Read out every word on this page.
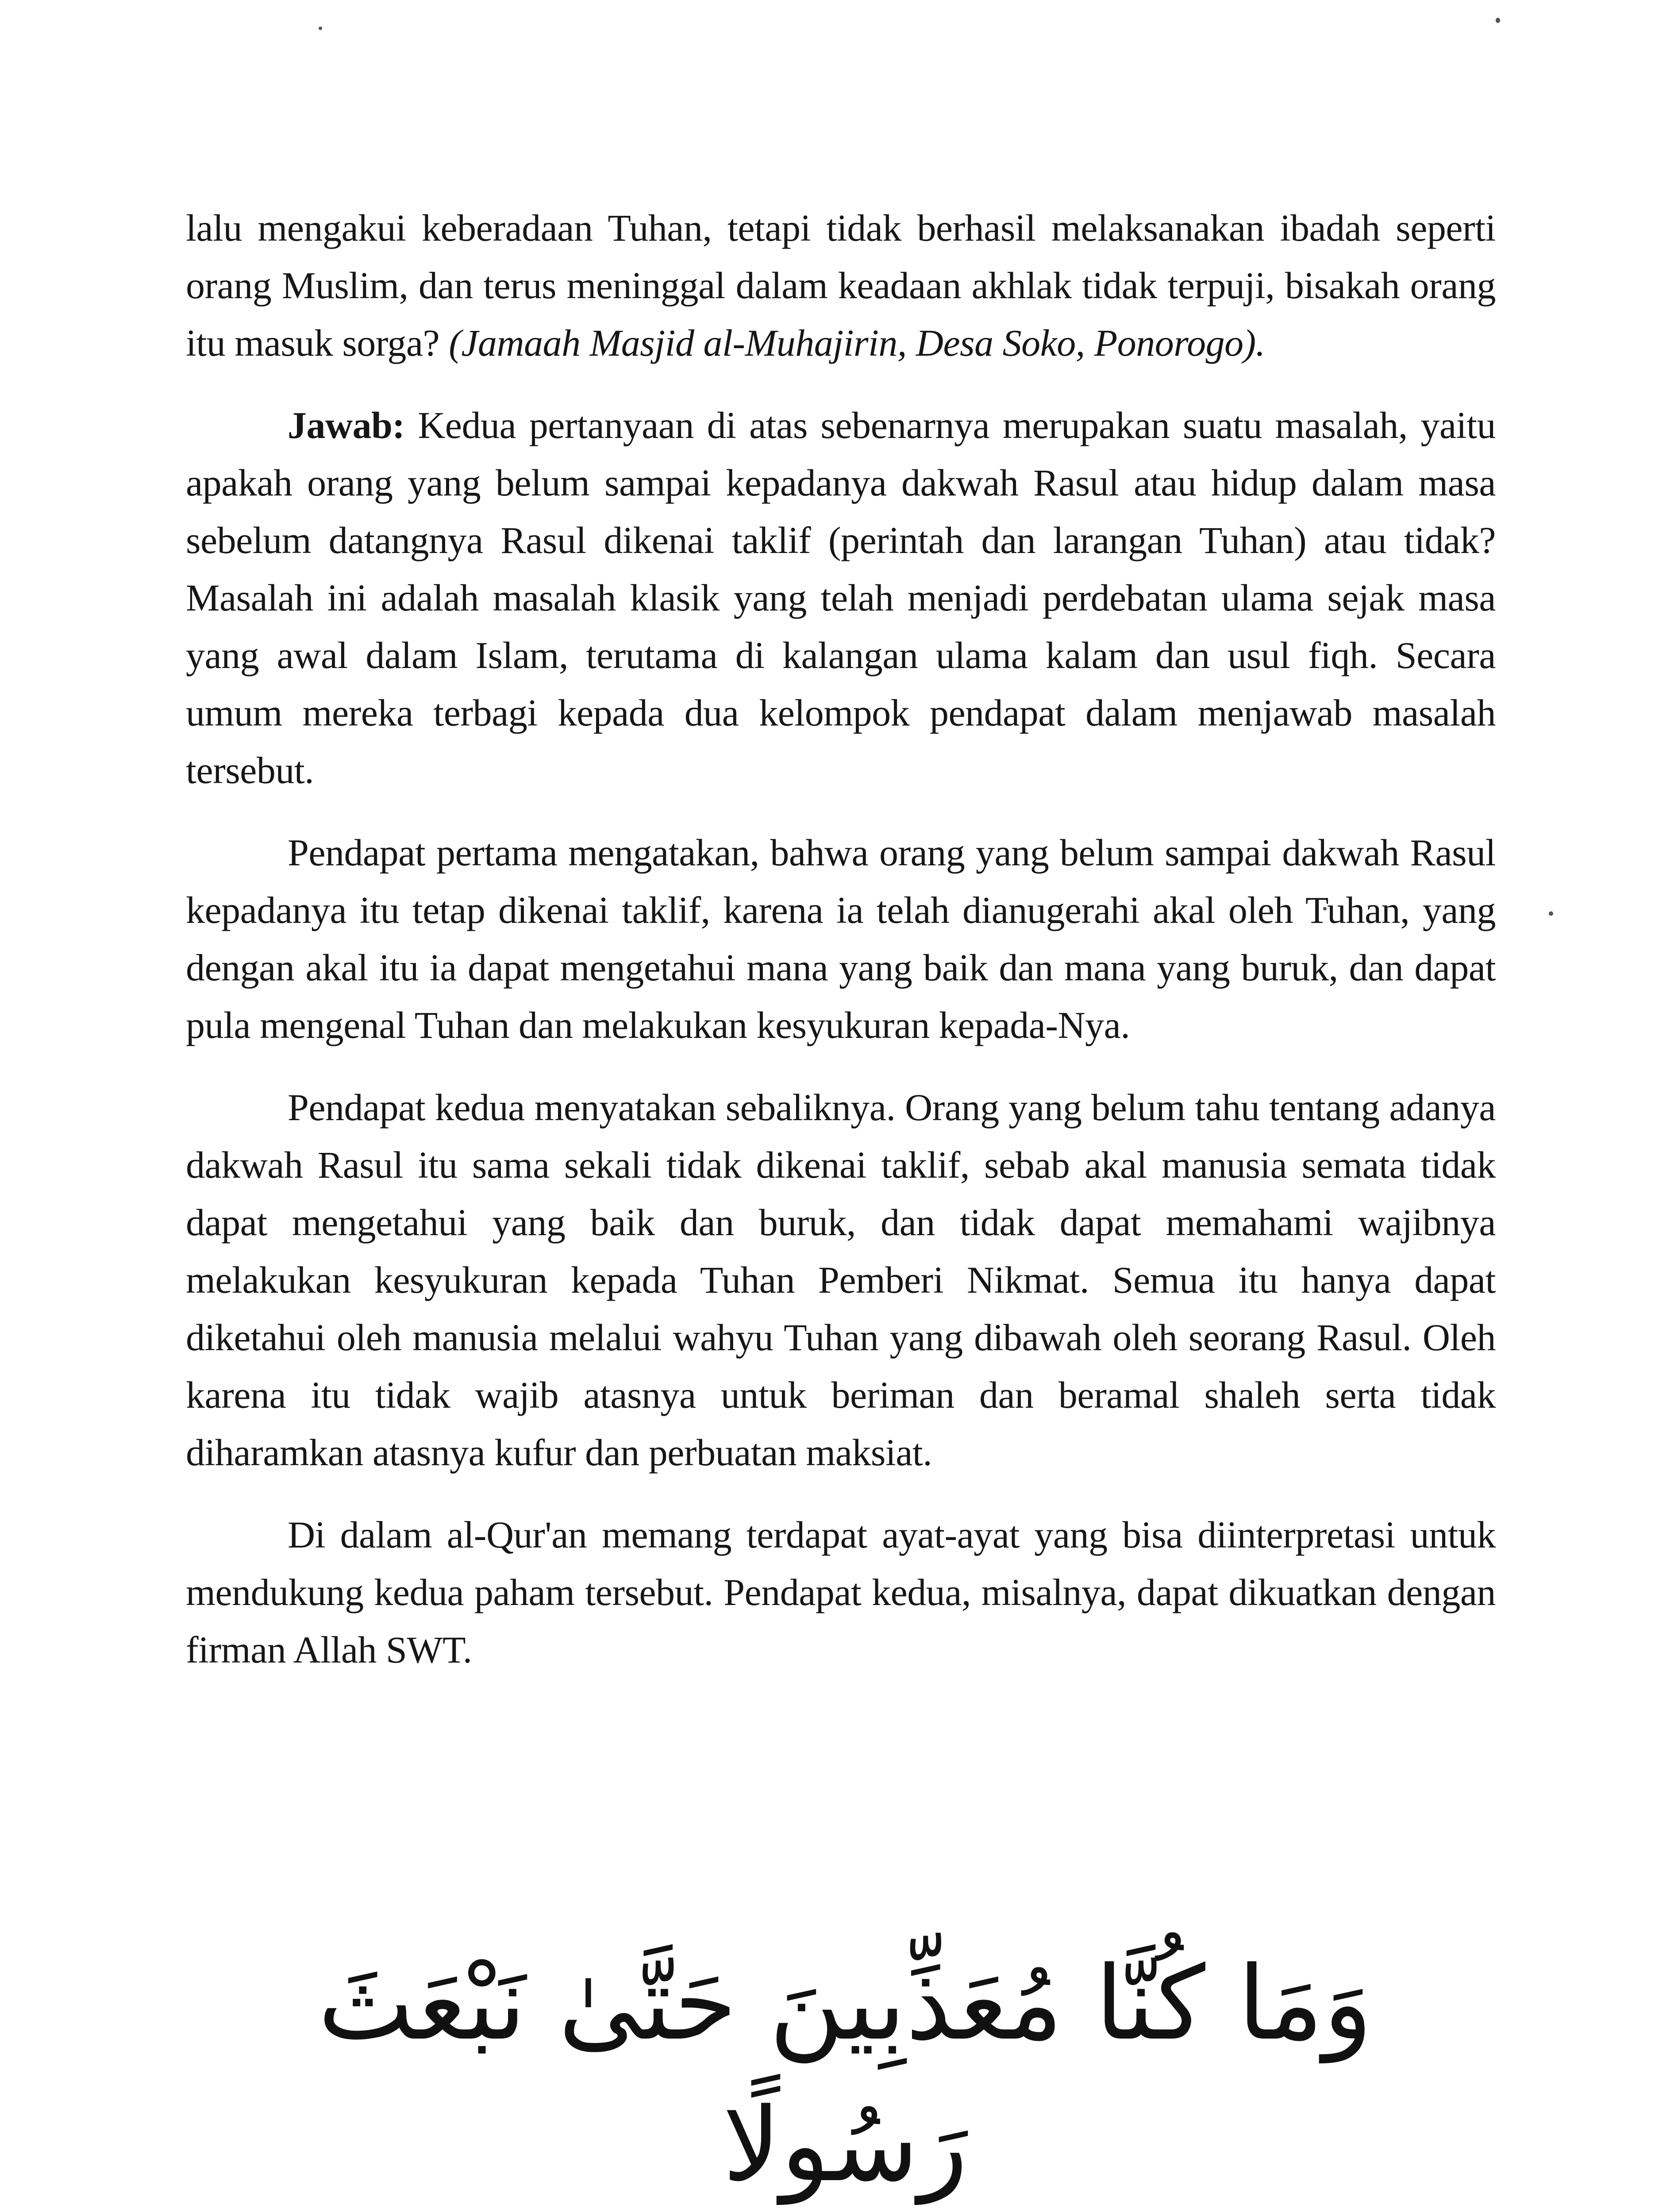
lalu mengakui keberadaan Tuhan, tetapi tidak berhasil melaksanakan ibadah seperti orang Muslim, dan terus meninggal dalam keadaan akhlak tidak terpuji, bisakah orang itu masuk sorga? (Jamaah Masjid al-Muhajirin, Desa Soko, Ponorogo).

Jawab: Kedua pertanyaan di atas sebenarnya merupakan suatu masalah, yaitu apakah orang yang belum sampai kepadanya dakwah Rasul atau hidup dalam masa sebelum datangnya Rasul dikenai taklif (perintah dan larangan Tuhan) atau tidak? Masalah ini adalah masalah klasik yang telah menjadi perdebatan ulama sejak masa yang awal dalam Islam, terutama di kalangan ulama kalam dan usul fiqh. Secara umum mereka terbagi kepada dua kelompok pendapat dalam menjawab masalah tersebut.

Pendapat pertama mengatakan, bahwa orang yang belum sampai dakwah Rasul kepadanya itu tetap dikenai taklif, karena ia telah dianugerahi akal oleh Tuhan, yang dengan akal itu ia dapat mengetahui mana yang baik dan mana yang buruk, dan dapat pula mengenal Tuhan dan melakukan kesyukuran kepada-Nya.

Pendapat kedua menyatakan sebaliknya. Orang yang belum tahu tentang adanya dakwah Rasul itu sama sekali tidak dikenai taklif, sebab akal manusia semata tidak dapat mengetahui yang baik dan buruk, dan tidak dapat memahami wajibnya melakukan kesyukuran kepada Tuhan Pemberi Nikmat. Semua itu hanya dapat diketahui oleh manusia melalui wahyu Tuhan yang dibawah oleh seorang Rasul. Oleh karena itu tidak wajib atasnya untuk beriman dan beramal shaleh serta tidak diharamkan atasnya kufur dan perbuatan maksiat.

Di dalam al-Qur'an memang terdapat ayat-ayat yang bisa diinterpretasi untuk mendukung kedua paham tersebut. Pendapat kedua, misalnya, dapat dikuatkan dengan firman Allah SWT.

وَمَا كُنَّا مُعَذِّبِينَ حَتَّىٰ نَبْعَثَ رَسُولًا
